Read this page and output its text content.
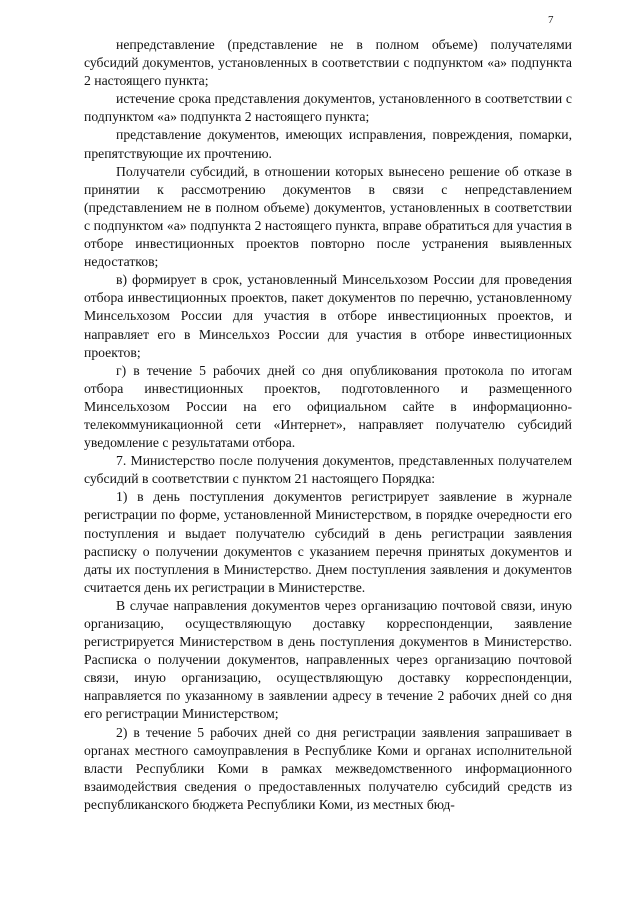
7

непредставление (представление не в полном объеме) получателями субсидий документов, установленных в соответствии с подпунктом «а» подпункта 2 настоящего пункта;

истечение срока представления документов, установленного в соответствии с подпунктом «а» подпункта 2 настоящего пункта;

представление документов, имеющих исправления, повреждения, помарки, препятствующие их прочтению.

Получатели субсидий, в отношении которых вынесено решение об отказе в принятии к рассмотрению документов в связи с непредставлением (представлением не в полном объеме) документов, установленных в соответствии с подпунктом «а» подпункта 2 настоящего пункта, вправе обратиться для участия в отборе инвестиционных проектов повторно после устранения выявленных недостатков;

в) формирует в срок, установленный Минсельхозом России для проведения отбора инвестиционных проектов, пакет документов по перечню, установленному Минсельхозом России для участия в отборе инвестиционных проектов, и направляет его в Минсельхоз России для участия в отборе инвестиционных проектов;

г) в течение 5 рабочих дней со дня опубликования протокола по итогам отбора инвестиционных проектов, подготовленного и размещенного Минсельхозом России на его официальном сайте в информационно-телекоммуникационной сети «Интернет», направляет получателю субсидий уведомление с результатами отбора.

7. Министерство после получения документов, представленных получателем субсидий в соответствии с пунктом 21 настоящего Порядка:

1) в день поступления документов регистрирует заявление в журнале регистрации по форме, установленной Министерством, в порядке очередности его поступления и выдает получателю субсидий в день регистрации заявления расписку о получении документов с указанием перечня принятых документов и даты их поступления в Министерство. Днем поступления заявления и документов считается день их регистрации в Министерстве.

В случае направления документов через организацию почтовой связи, иную организацию, осуществляющую доставку корреспонденции, заявление регистрируется Министерством в день поступления документов в Министерство. Расписка о получении документов, направленных через организацию почтовой связи, иную организацию, осуществляющую доставку корреспонденции, направляется по указанному в заявлении адресу в течение 2 рабочих дней со дня его регистрации Министерством;

2) в течение 5 рабочих дней со дня регистрации заявления запрашивает в органах местного самоуправления в Республике Коми и органах исполнительной власти Республики Коми в рамках межведомственного информационного взаимодействия сведения о предоставленных получателю субсидий средств из республиканского бюджета Республики Коми, из местных бюд-
